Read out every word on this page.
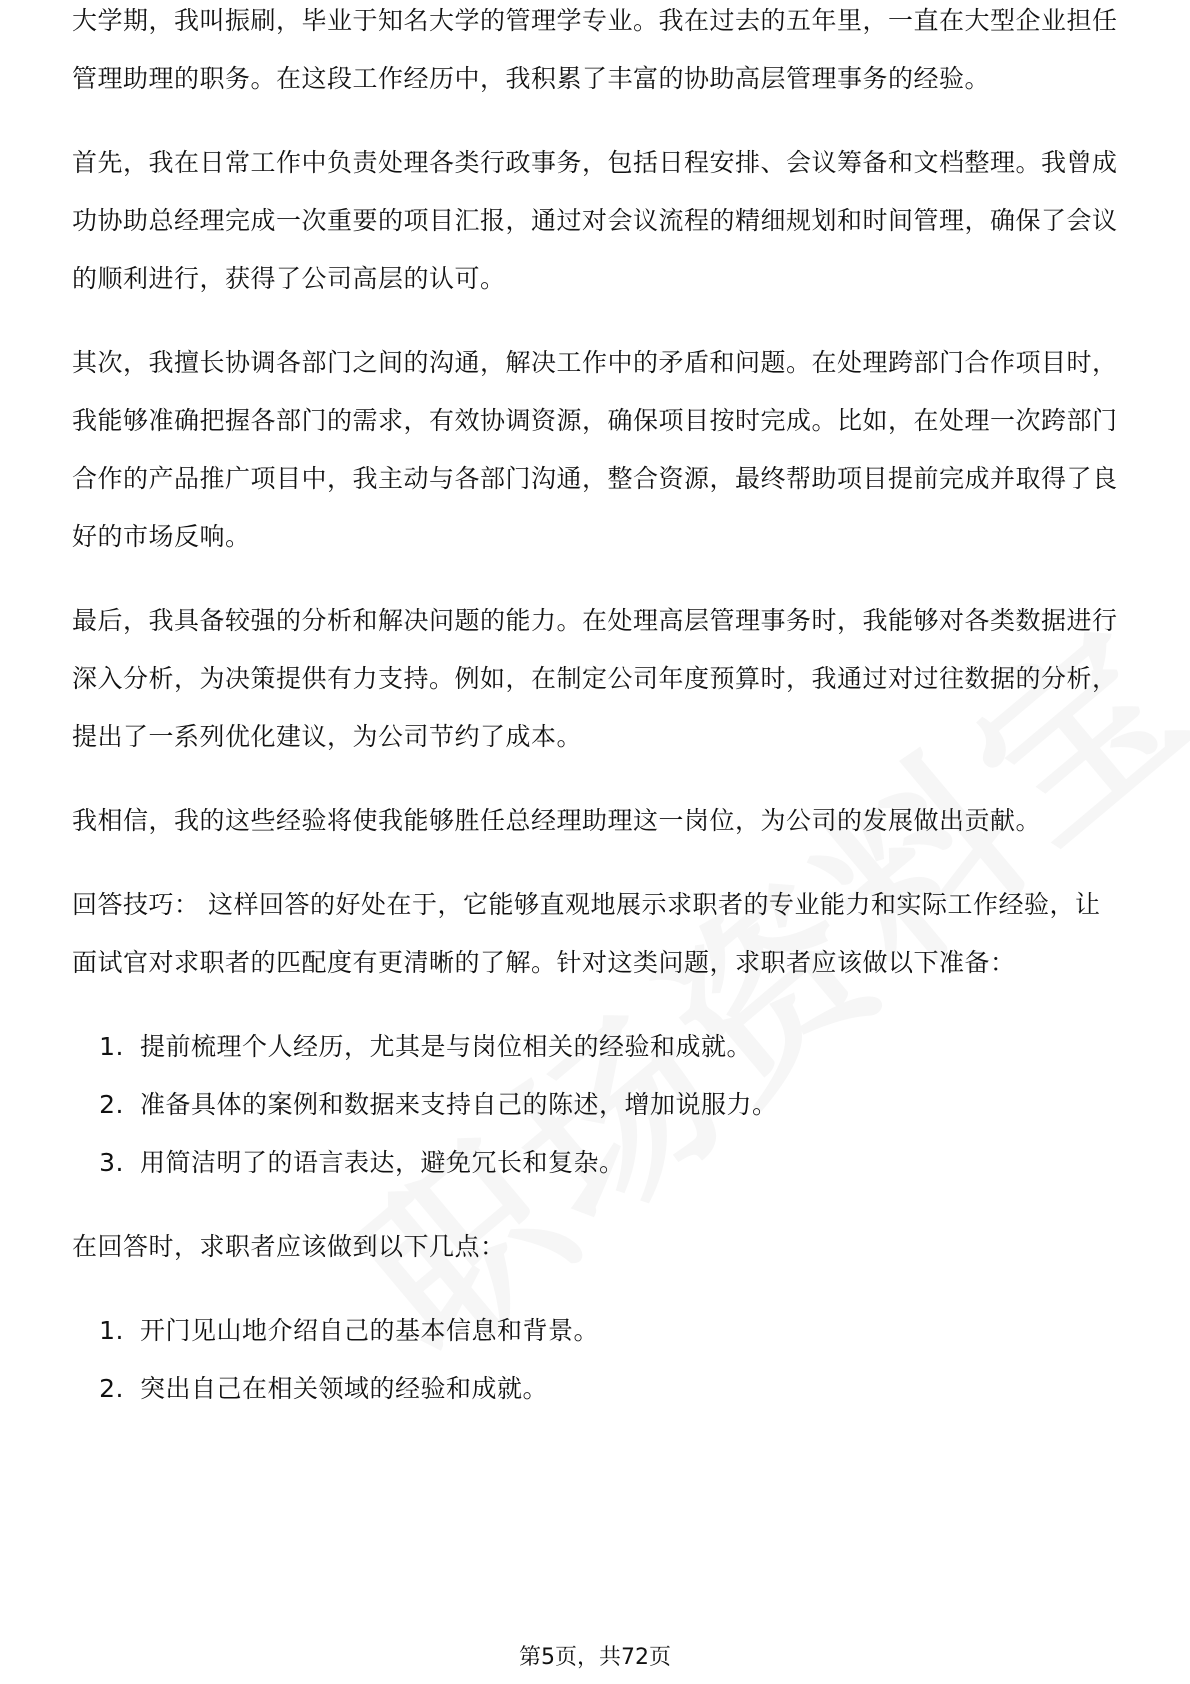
大学期，我叫振刷，毕业于知名大学的管理学专业。我在过去的五年里，一直在大型企业担任管理助理的职务。在这段工作经历中，我积累了丰富的协助高层管理事务的经验。

首先，我在日常工作中负责处理各类行政事务，包括日程安排、会议筹备和文档整理。我曾成功协助总经理完成一次重要的项目汇报，通过对会议流程的精细规划和时间管理，确保了会议的顺利进行，获得了公司高层的认可。

其次，我擅长协调各部门之间的沟通，解决工作中的矛盾和问题。在处理跨部门合作项目时，我能够准确把握各部门的需求，有效协调资源，确保项目按时完成。比如，在处理一次跨部门合作的产品推广项目中，我主动与各部门沟通，整合资源，最终帮助项目提前完成并取得了良好的市场反响。

最后，我具备较强的分析和解决问题的能力。在处理高层管理事务时，我能够对各类数据进行深入分析，为决策提供有力支持。例如，在制定公司年度预算时，我通过对过往数据的分析，提出了一系列优化建议，为公司节约了成本。

我相信，我的这些经验将使我能够胜任总经理助理这一岗位，为公司的发展做出贡献。

回答技巧： 这样回答的好处在于，它能够直观地展示求职者的专业能力和实际工作经验，让面试官对求职者的匹配度有更清晰的了解。针对这类问题，求职者应该做以下准备：

1. 提前梳理个人经历，尤其是与岗位相关的经验和成就。
2. 准备具体的案例和数据来支持自己的陈述，增加说服力。
3. 用简洁明了的语言表达，避免冗长和复杂。

在回答时，求职者应该做到以下几点：

1. 开门见山地介绍自己的基本信息和背景。
2. 突出自己在相关领域的经验和成就。
第5页，共72页
